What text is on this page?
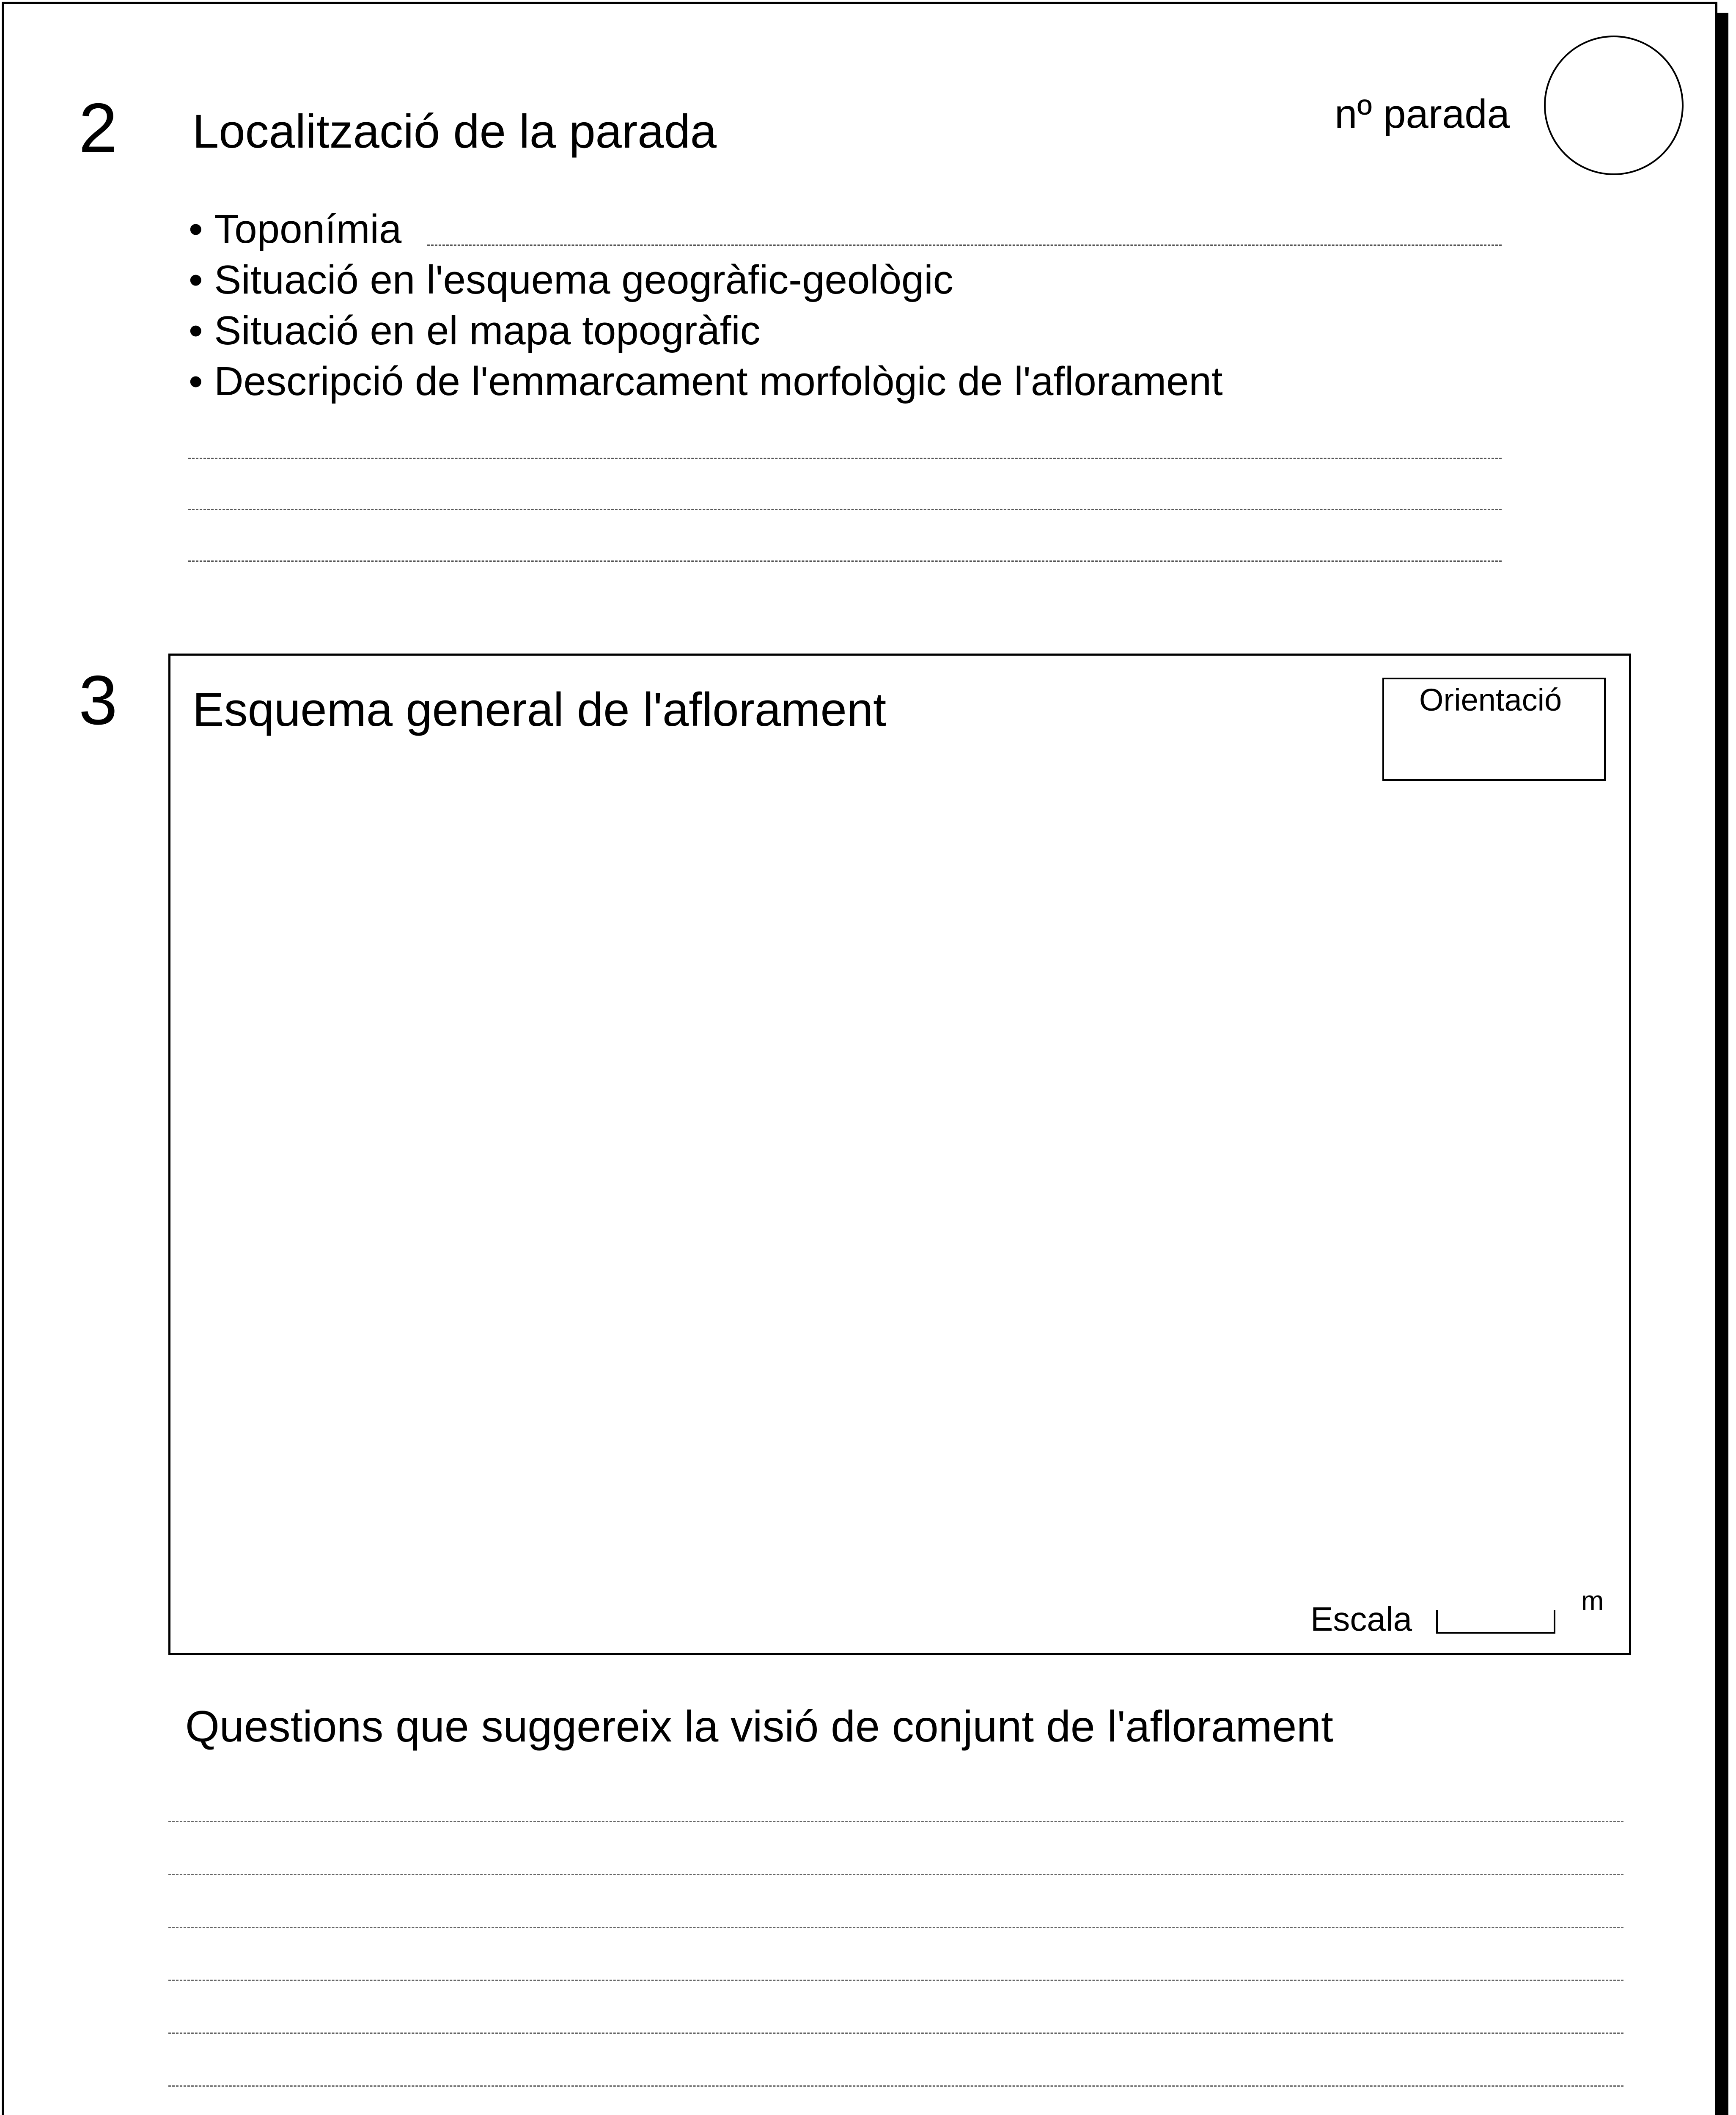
2 Localització de la parada	nº parada
• Toponímia
• Situació en l'esquema geogràfic-geològic
• Situació en el mapa topogràfic
• Descripció de l'emmarcament morfològic de l'aflorament
3 Esquema general de l'aflorament	Orientació
Escala	m
Questions que suggereix la visió de conjunt de l'aflorament
